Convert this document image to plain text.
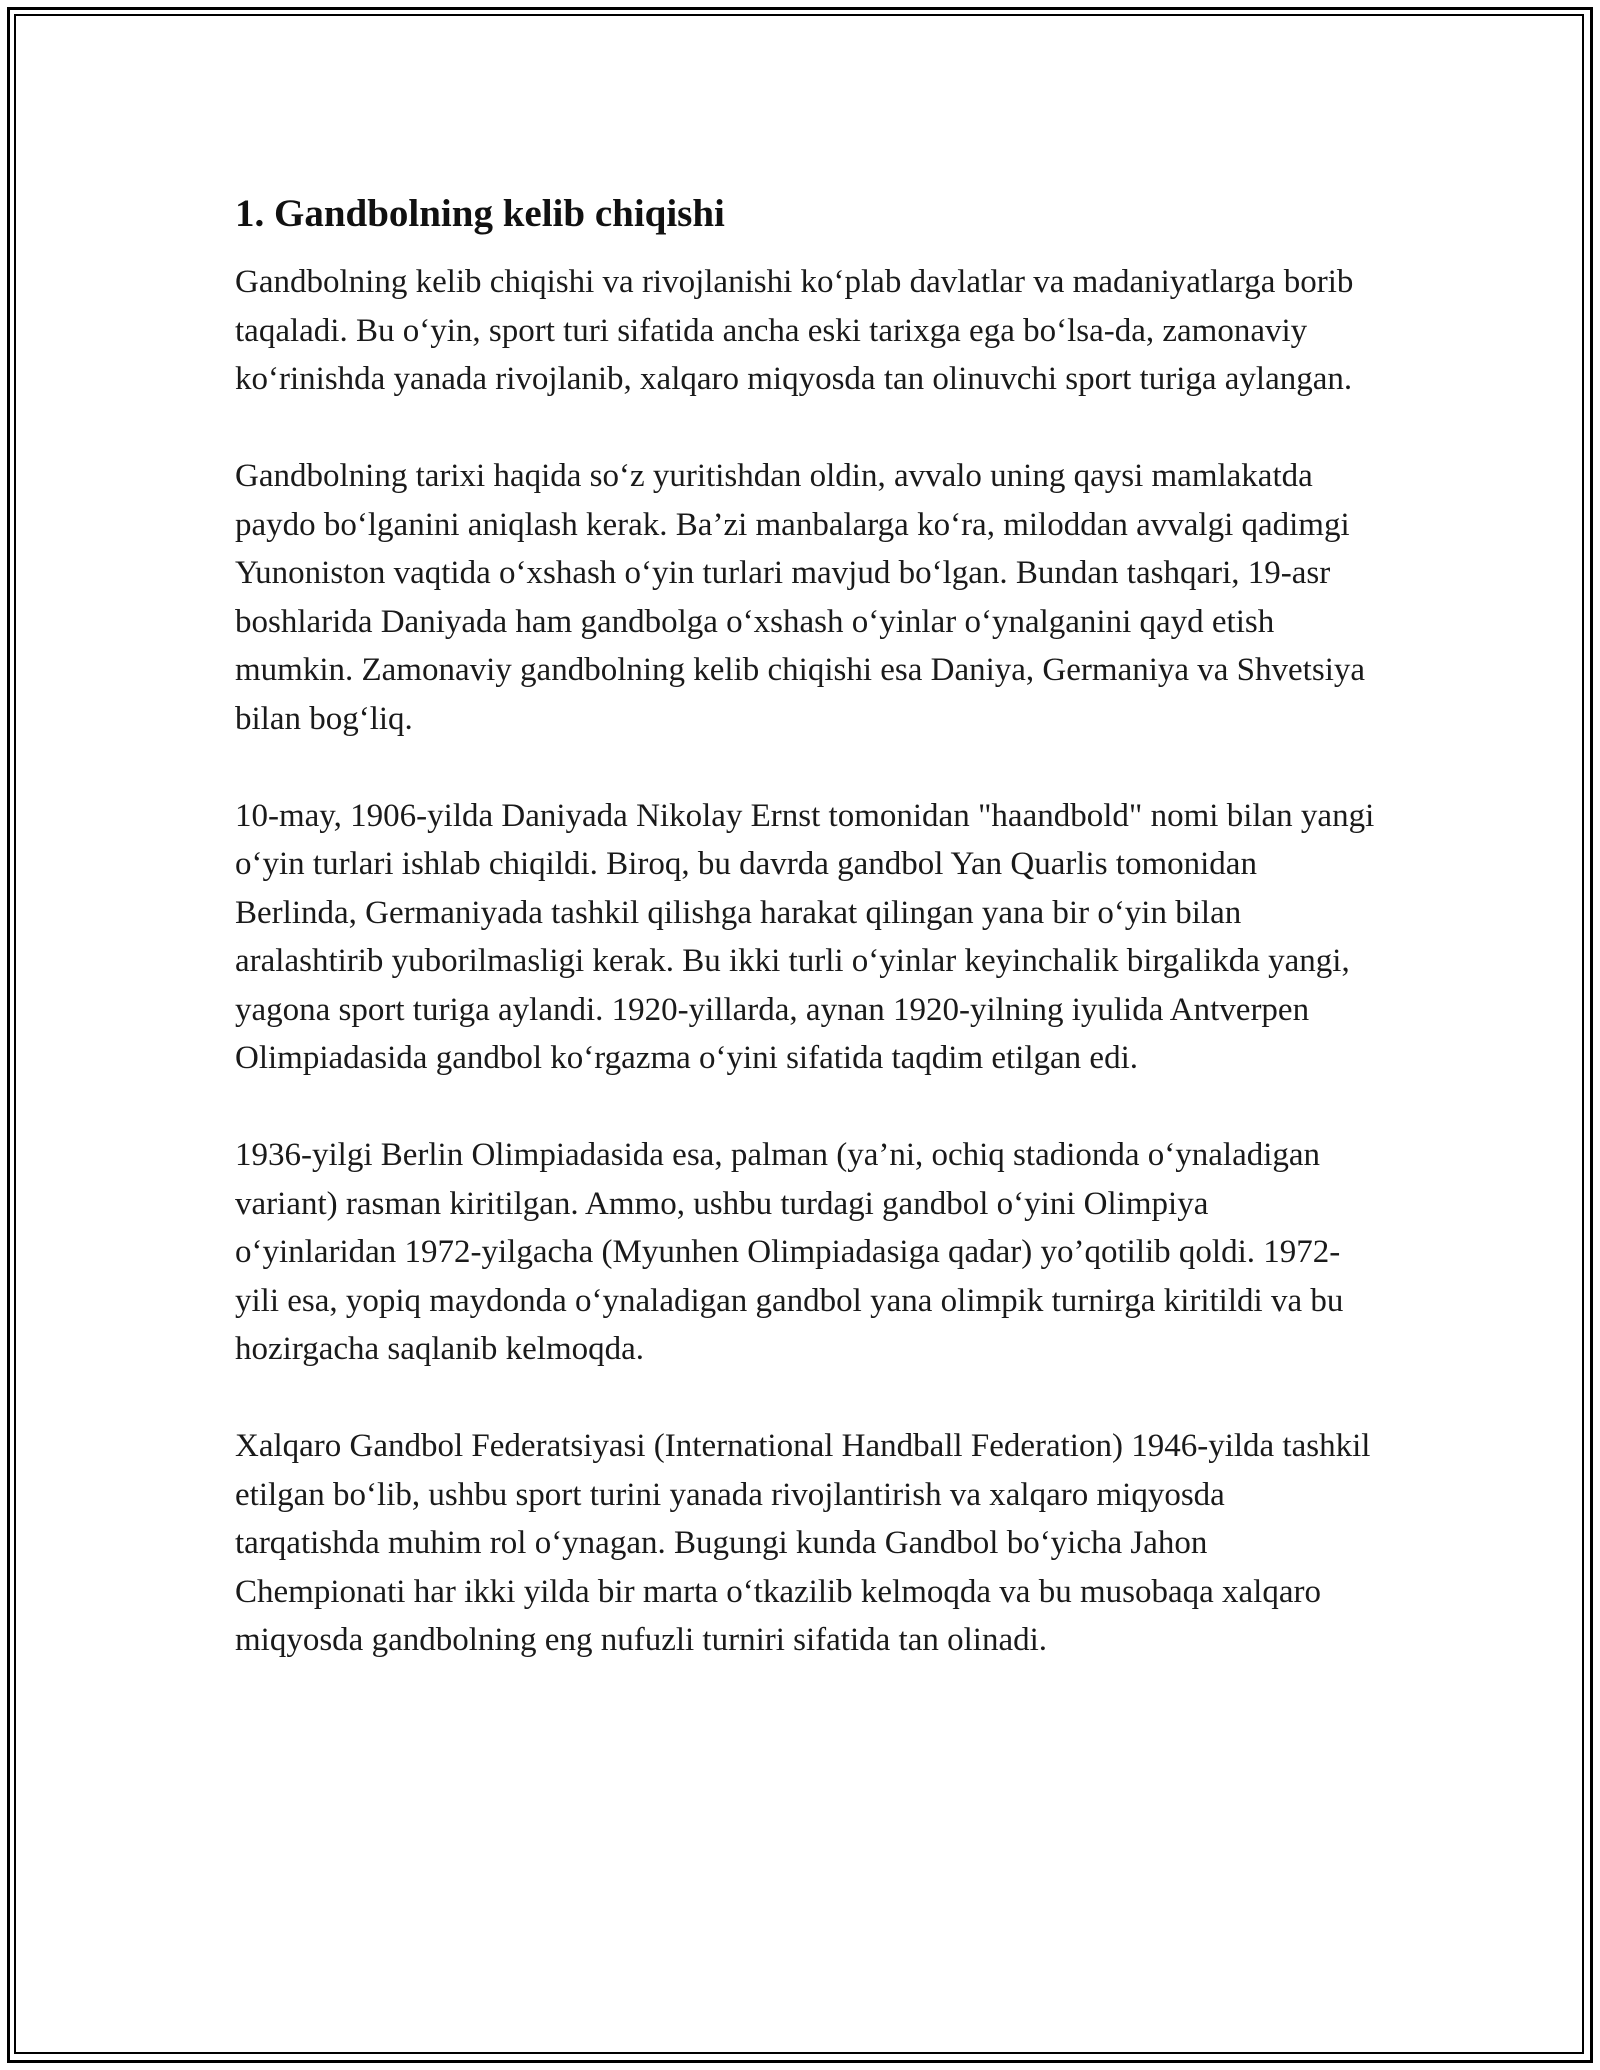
1. Gandbolning kelib chiqishi

Gandbolning kelib chiqishi va rivojlanishi ko‘plab davlatlar va madaniyatlarga borib taqaladi. Bu o‘yin, sport turi sifatida ancha eski tarixga ega bo‘lsa-da, zamonaviy ko‘rinishda yanada rivojlanib, xalqaro miqyosda tan olinuvchi sport turiga aylangan.

Gandbolning tarixi haqida so‘z yuritishdan oldin, avvalo uning qaysi mamlakatda paydo bo‘lganini aniqlash kerak. Ba’zi manbalarga ko‘ra, miloddan avvalgi qadimgi Yunoniston vaqtida o‘xshash o‘yin turlari mavjud bo‘lgan. Bundan tashqari, 19-asr boshlarida Daniyada ham gandbolga o‘xshash o‘yinlar o‘ynalganini qayd etish mumkin. Zamonaviy gandbolning kelib chiqishi esa Daniya, Germaniya va Shvetsiya bilan bog‘liq.

10-may, 1906-yilda Daniyada Nikolay Ernst tomonidan "haandbold" nomi bilan yangi o‘yin turlari ishlab chiqildi. Biroq, bu davrda gandbol Yan Quarlis tomonidan Berlinda, Germaniyada tashkil qilishga harakat qilingan yana bir o‘yin bilan aralashtirib yuborilmasligi kerak. Bu ikki turli o‘yinlar keyinchalik birgalikda yangi, yagona sport turiga aylandi. 1920-yillarda, aynan 1920-yilning iyulida Antverpen Olimpiadasida gandbol ko‘rgazma o‘yini sifatida taqdim etilgan edi.

1936-yilgi Berlin Olimpiadasida esa, palman (ya’ni, ochiq stadionda o‘ynaladigan variant) rasman kiritilgan. Ammo, ushbu turdagi gandbol o‘yini Olimpiya o‘yinlaridan 1972-yilgacha (Myunhen Olimpiadasiga qadar) yo’qotilib qoldi. 1972-yili esa, yopiq maydonda o‘ynaladigan gandbol yana olimpik turnirga kiritildi va bu hozirgacha saqlanib kelmoqda.

Xalqaro Gandbol Federatsiyasi (International Handball Federation) 1946-yilda tashkil etilgan bo‘lib, ushbu sport turini yanada rivojlantirish va xalqaro miqyosda tarqatishda muhim rol o‘ynagan. Bugungi kunda Gandbol bo‘yicha Jahon Chempionati har ikki yilda bir marta o‘tkazilib kelmoqda va bu musobaqa xalqaro miqyosda gandbolning eng nufuzli turniri sifatida tan olinadi.
